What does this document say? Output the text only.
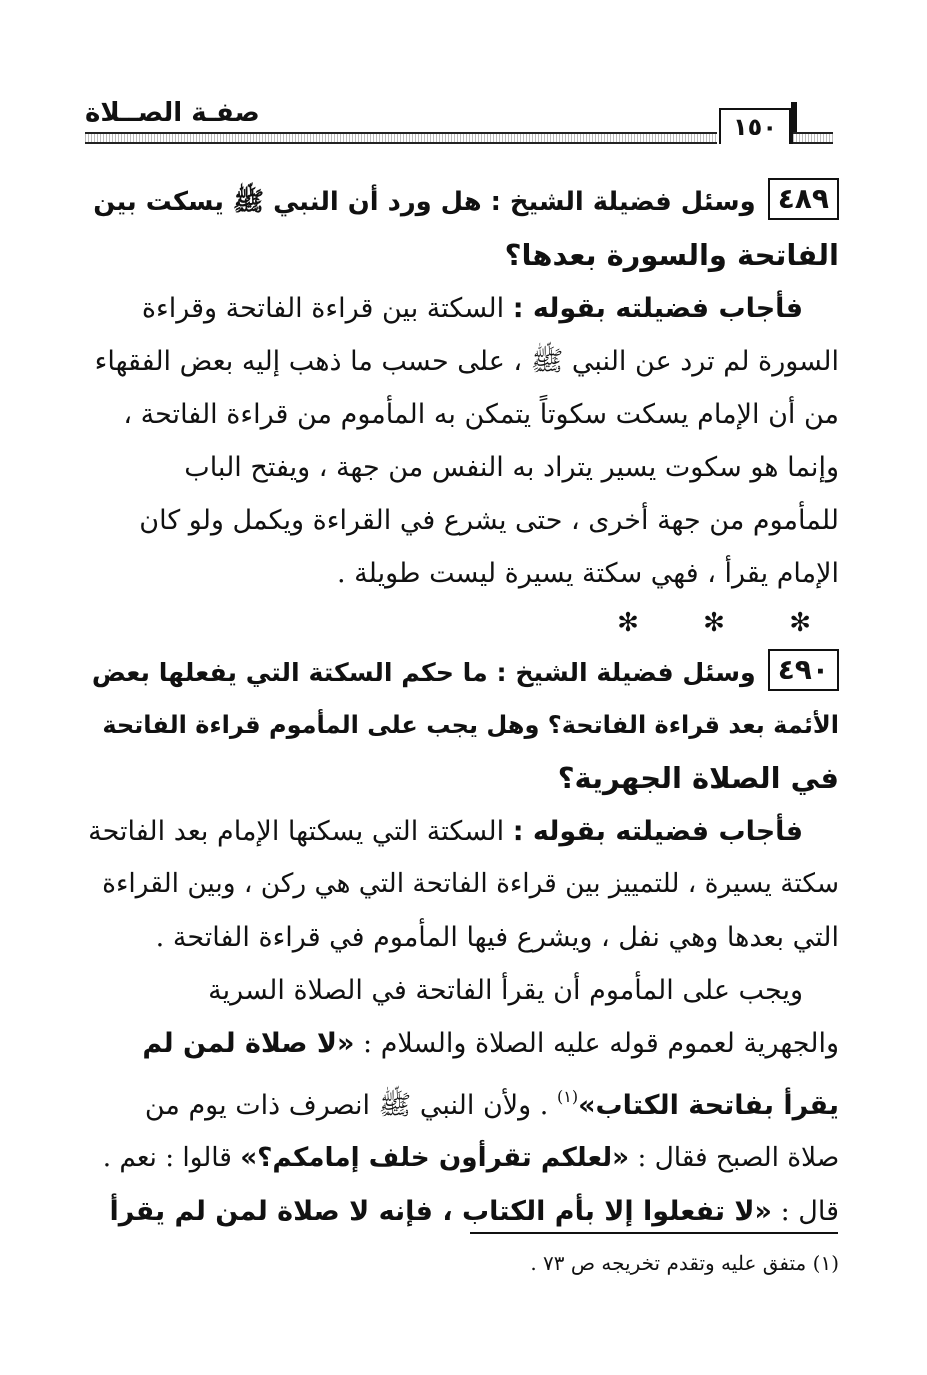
صفـة الصــلاة	١٥٠
٤٨٩وسئل فضيلة الشيخ : هل ورد أن النبي ﷺ يسكت بين
الفاتحة والسورة بعدها؟
فأجاب فضيلته بقوله : السكتة بين قراءة الفاتحة وقراءة
السورة لم ترد عن النبي ﷺ ، على حسب ما ذهب إليه بعض الفقهاء
من أن الإمام يسكت سكوتاً يتمكن به المأموم من قراءة الفاتحة ،
وإنما هو سكوت يسير يتراد به النفس من جهة ، ويفتح الباب
للمأموم من جهة أخرى ، حتى يشرع في القراءة ويكمل ولو كان
الإمام يقرأ ، فهي سكتة يسيرة ليست طويلة .
✻ ✻ ✻
٤٩٠وسئل فضيلة الشيخ : ما حكم السكتة التي يفعلها بعض
الأئمة بعد قراءة الفاتحة؟ وهل يجب على المأموم قراءة الفاتحة
في الصلاة الجهرية؟
فأجاب فضيلته بقوله : السكتة التي يسكتها الإمام بعد الفاتحة
سكتة يسيرة ، للتمييز بين قراءة الفاتحة التي هي ركن ، وبين القراءة
التي بعدها وهي نفل ، ويشرع فيها المأموم في قراءة الفاتحة .
ويجب على المأموم أن يقرأ الفاتحة في الصلاة السرية
والجهرية لعموم قوله عليه الصلاة والسلام : «لا صلاة لمن لم
يقرأ بفاتحة الكتاب»$^{(١)}$ . ولأن النبي ﷺ انصرف ذات يوم من
صلاة الصبح فقال : «لعلكم تقرأون خلف إمامكم؟» قالوا : نعم .
قال : «لا تفعلوا إلا بأم الكتاب ، فإنه لا صلاة لمن لم يقرأ
(١) متفق عليه وتقدم تخريجه ص ٧٣ .
